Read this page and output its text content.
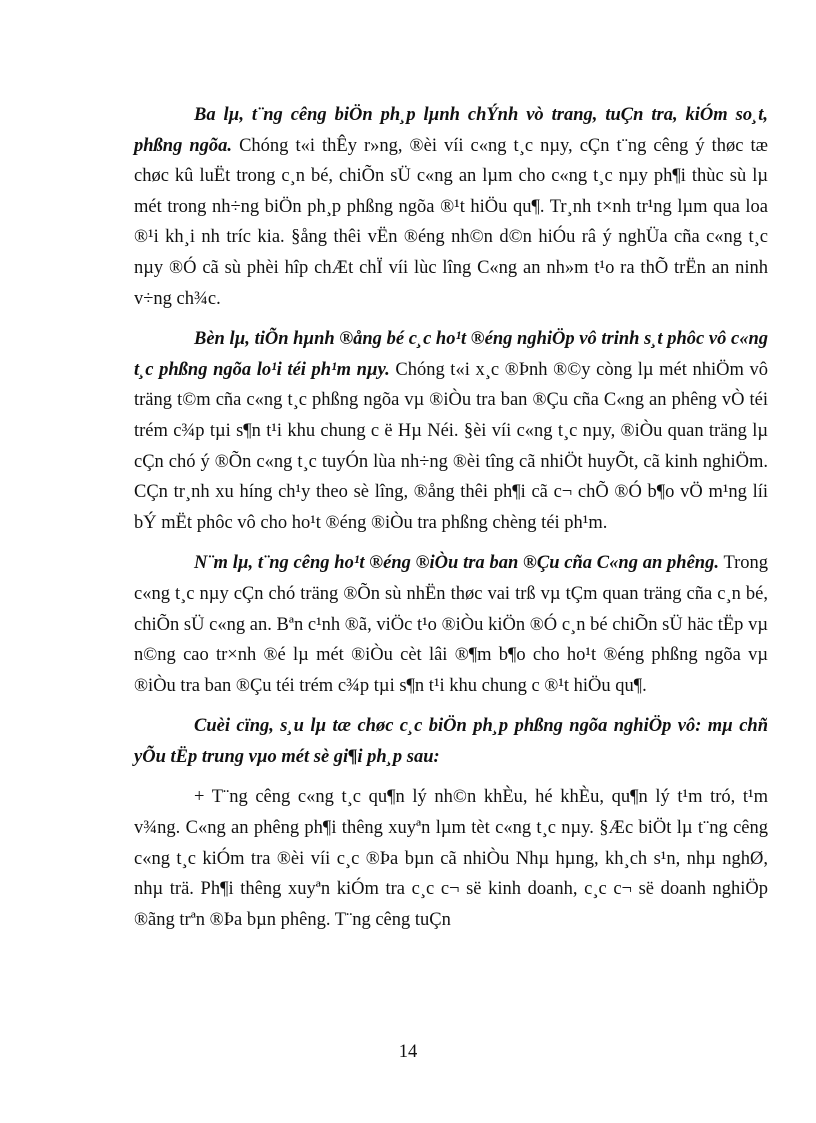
Ba lµ, t¨ng cêng biÖn ph¸p lµnh chÝnh vò trang, tuÇn tra, kiÓm so¸t, phßng ngõa. Chóng t«i thÊy r»ng, ®èi víi c«ng t¸c nµy, cÇn t¨ng cêng ý thøc tæ chøc kû luËt trong c¸n bé, chiÕn sÜ c«ng an lµm cho c«ng t¸c nµy ph¶i thùc sù lµ mét trong nh÷ng biÖn ph¸p phßng ngõa ®¹t hiÖu qu¶. Tr¸nh t×nh tr¹ng lµm qua loa ®¹i kh¸i nh tríc kia. §ång thêi vËn ®éng nh©n d©n hiÓu râ ý nghÜa cña c«ng t¸c nµy ®Ó cã sù phèi hîp chÆt chÏ víi lùc lîng C«ng an nh»m t¹o ra thÕ trËn an ninh v÷ng ch¾c.

Bèn lµ, tiÕn hµnh ®ång bé c¸c ho¹t ®éng nghiÖp vô trinh s¸t phôc vô c«ng t¸c phßng ngõa lo¹i téi ph¹m nµy. Chóng t«i x¸c ®Þnh ®©y còng lµ mét nhiÖm vô träng t©m cña c«ng t¸c phßng ngõa vµ ®iÒu tra ban ®Çu cña C«ng an phêng vÒ téi trém c¾p tµi s¶n t¹i khu chung c ë Hµ Néi. §èi víi c«ng t¸c nµy, ®iÒu quan träng lµ cÇn chó ý ®Õn c«ng t¸c tuyÓn lùa nh÷ng ®èi tîng cã nhiÖt huyÕt, cã kinh nghiÖm. CÇn tr¸nh xu híng ch¹y theo sè lîng, ®ång thêi ph¶i cã c¬ chÕ ®Ó b¶o vÖ m¹ng líi bÝ mËt phôc vô cho ho¹t ®éng ®iÒu tra phßng chèng téi ph¹m.

N¨m lµ, t¨ng cêng ho¹t ®éng ®iÒu tra ban ®Çu cña C«ng an phêng. Trong c«ng t¸c nµy cÇn chó träng ®Õn sù nhËn thøc vai trß vµ tÇm quan träng cña c¸n bé, chiÕn sÜ c«ng an. Bªn c¹nh ®ã, viÖc t¹o ®iÒu kiÖn ®Ó c¸n bé chiÕn sÜ häc tËp vµ n©ng cao tr×nh ®é lµ mét ®iÒu cèt lâi ®¶m b¶o cho ho¹t ®éng phßng ngõa vµ ®iÒu tra ban ®Çu téi trém c¾p tµi s¶n t¹i khu chung c ®¹t hiÖu qu¶.

Cuèi cïng, s¸u lµ tæ chøc c¸c biÖn ph¸p phßng ngõa nghiÖp vô: mµ chñ yÕu tËp trung vµo mét sè gi¶i ph¸p sau:

+ T¨ng cêng c«ng t¸c qu¶n lý nh©n khÈu, hé khÈu, qu¶n lý t¹m tró, t¹m v¾ng. C«ng an phêng ph¶i thêng xuyªn lµm tèt c«ng t¸c nµy. §Æc biÖt lµ t¨ng cêng c«ng t¸c kiÓm tra ®èi víi c¸c ®Þa bµn cã nhiÒu Nhµ hµng, kh¸ch s¹n, nhµ nghØ, nhµ trä. Ph¶i thêng xuyªn kiÓm tra c¸c c¬ së kinh doanh, c¸c c¬ së doanh nghiÖp ®ãng trªn ®Þa bµn phêng. T¨ng cêng tuÇn

14
